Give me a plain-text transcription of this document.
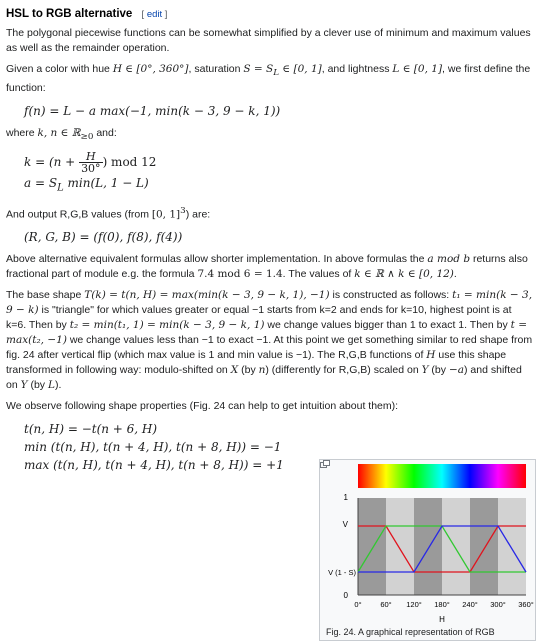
HSL to RGB alternative [ edit ]

The polygonal piecewise functions can be somewhat simplified by a clever use of minimum and maximum values as well as the remainder operation.

Given a color with hue H ∈ [0°, 360°], saturation $S = S_L$ ∈ [0, 1], and lightness L ∈ [0, 1], we first define the function:

f(n) = L − a max(−1, min(k − 3, 9 − k, 1))

where k, n ∈ ℝ$_{\ge 0}$ and:

$k = (n + \frac{H}{30^\circ}$ ) mod 12
$a = S_L$ min(L, 1 − L)

And output R,G,B values (from [0, 1]$^3$) are:

(R, G, B) = (f(0), f(8), f(4))

Above alternative equivalent formulas allow shorter implementation. In above formulas the a mod b returns also fractional part of module e.g. the formula 7.4 mod 6 = 1.4. The values of k ∈ ℝ ∧ k ∈ [0, 12).

The base shape T(k) = t(n, H) = max(min(k − 3, 9 − k, 1), −1) is constructed as follows: t₁ = min(k − 3, 9 − k) is "triangle" for which values greater or equal −1 starts from k=2 and ends for k=10, highest point is at k=6. Then by t₂ = min(t₁, 1) = min(k − 3, 9 − k, 1) we change values bigger than 1 to exact 1. Then by t = max(t₂, −1) we change values less than −1 to exact −1. At this point we get something similar to red shape from fig. 24 after vertical flip (which max value is 1 and min value is −1). The R,G,B functions of H use this shape transformed in following way: modulo-shifted on X (by n) (differently for R,G,B) scaled on Y (by −a) and shifted on Y (by L).

We observe following shape properties (Fig. 24 can help to get intuition about them):

t(n, H) = −t(n + 6, H)
min (t(n, H), t(n + 4, H), t(n + 8, H)) = −1
max (t(n, H), t(n + 4, H), t(n + 8, H)) = +1
1
V
V (1 - S)
0
0° 60° 120° 180° 240° 300° 360°
H
Fig. 24. A graphical representation of RGB
